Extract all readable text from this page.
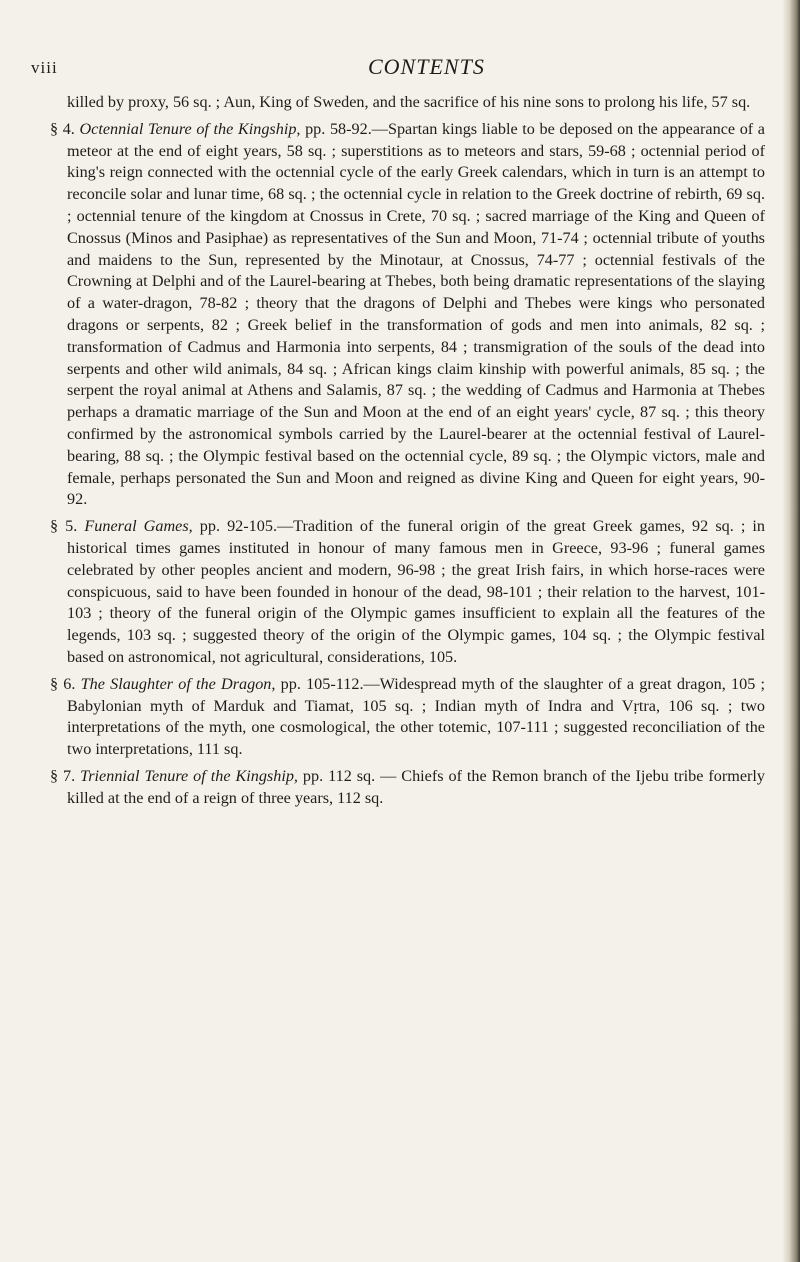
viii	CONTENTS

killed by proxy, 56 sq. ; Aun, King of Sweden, and the sacrifice of his nine sons to prolong his life, 57 sq.

§ 4. Octennial Tenure of the Kingship, pp. 58-92.—Spartan kings liable to be deposed on the appearance of a meteor at the end of eight years, 58 sq. ; superstitions as to meteors and stars, 59-68 ; octennial period of king's reign connected with the octennial cycle of the early Greek calendars, which in turn is an attempt to reconcile solar and lunar time, 68 sq. ; the octennial cycle in relation to the Greek doctrine of rebirth, 69 sq. ; octennial tenure of the kingdom at Cnossus in Crete, 70 sq. ; sacred marriage of the King and Queen of Cnossus (Minos and Pasiphae) as representatives of the Sun and Moon, 71-74 ; octennial tribute of youths and maidens to the Sun, represented by the Minotaur, at Cnossus, 74-77 ; octennial festivals of the Crowning at Delphi and of the Laurel-bearing at Thebes, both being dramatic representations of the slaying of a water-dragon, 78-82 ; theory that the dragons of Delphi and Thebes were kings who personated dragons or serpents, 82 ; Greek belief in the transformation of gods and men into animals, 82 sq. ; transformation of Cadmus and Harmonia into serpents, 84 ; transmigration of the souls of the dead into serpents and other wild animals, 84 sq. ; African kings claim kinship with powerful animals, 85 sq. ; the serpent the royal animal at Athens and Salamis, 87 sq. ; the wedding of Cadmus and Harmonia at Thebes perhaps a dramatic marriage of the Sun and Moon at the end of an eight years' cycle, 87 sq. ; this theory confirmed by the astronomical symbols carried by the Laurel-bearer at the octennial festival of Laurel-bearing, 88 sq. ; the Olympic festival based on the octennial cycle, 89 sq. ; the Olympic victors, male and female, perhaps personated the Sun and Moon and reigned as divine King and Queen for eight years, 90-92.

§ 5. Funeral Games, pp. 92-105.—Tradition of the funeral origin of the great Greek games, 92 sq. ; in historical times games instituted in honour of many famous men in Greece, 93-96 ; funeral games celebrated by other peoples ancient and modern, 96-98 ; the great Irish fairs, in which horse-races were conspicuous, said to have been founded in honour of the dead, 98-101 ; their relation to the harvest, 101-103 ; theory of the funeral origin of the Olympic games insufficient to explain all the features of the legends, 103 sq. ; suggested theory of the origin of the Olympic games, 104 sq. ; the Olympic festival based on astronomical, not agricultural, considerations, 105.

§ 6. The Slaughter of the Dragon, pp. 105-112.—Widespread myth of the slaughter of a great dragon, 105 ; Babylonian myth of Marduk and Tiamat, 105 sq. ; Indian myth of Indra and Vṛtra, 106 sq. ; two interpretations of the myth, one cosmological, the other totemic, 107-111 ; suggested reconciliation of the two interpretations, 111 sq.

§ 7. Triennial Tenure of the Kingship, pp. 112 sq. — Chiefs of the Remon branch of the Ijebu tribe formerly killed at the end of a reign of three years, 112 sq.
